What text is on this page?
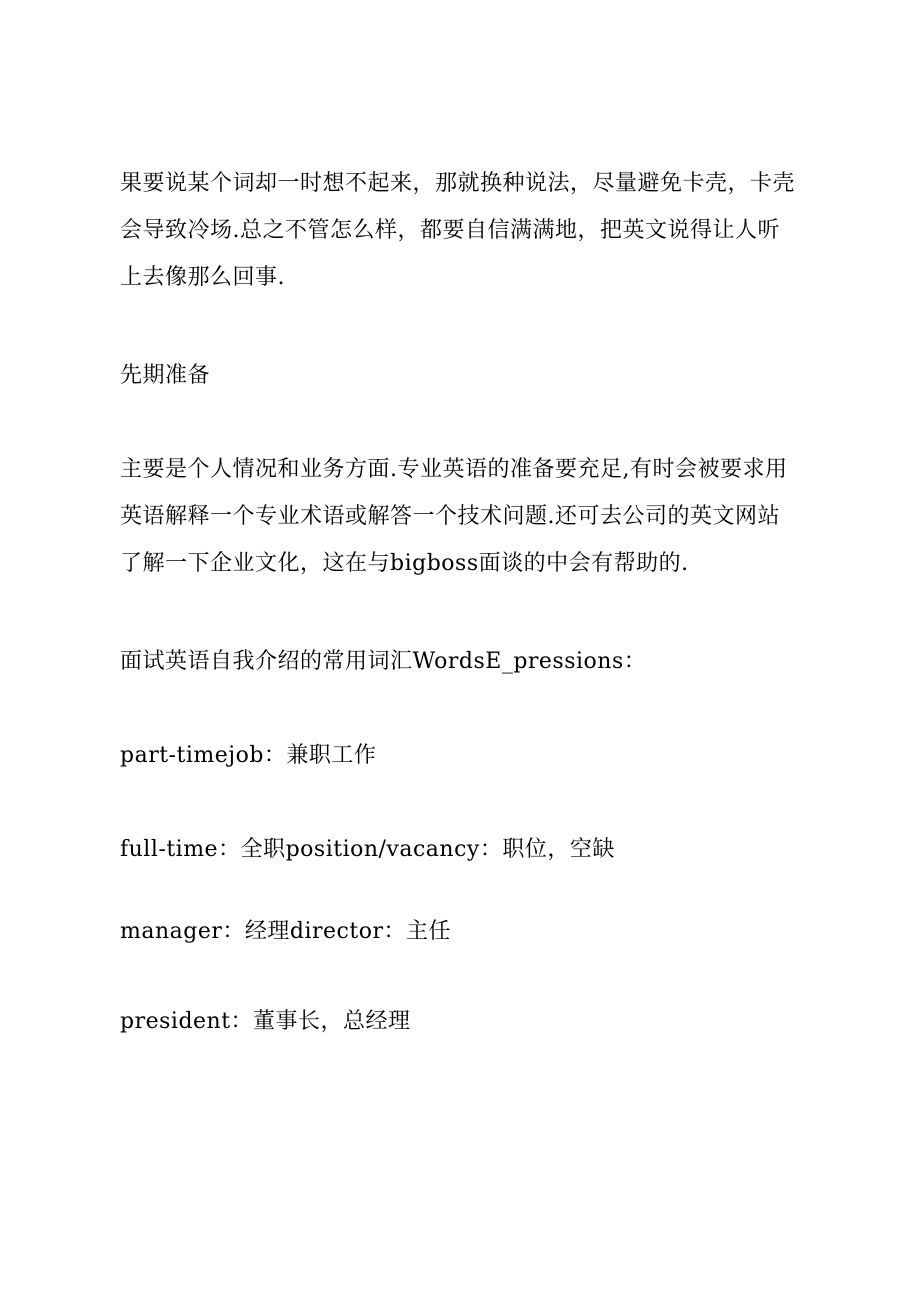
果要说某个词却一时想不起来，那就换种说法，尽量避免卡壳，卡壳
会导致冷场.总之不管怎么样，都要自信满满地，把英文说得让人听
上去像那么回事.
先期准备
主要是个人情况和业务方面.专业英语的准备要充足,有时会被要求用
英语解释一个专业术语或解答一个技术问题.还可去公司的英文网站
了解一下企业文化，这在与bigboss面谈的中会有帮助的.
面试英语自我介绍的常用词汇WordsE_pressions：
part-timejob：兼职工作
full-time：全职position/vacancy：职位，空缺
manager：经理director：主任
president：董事长，总经理
